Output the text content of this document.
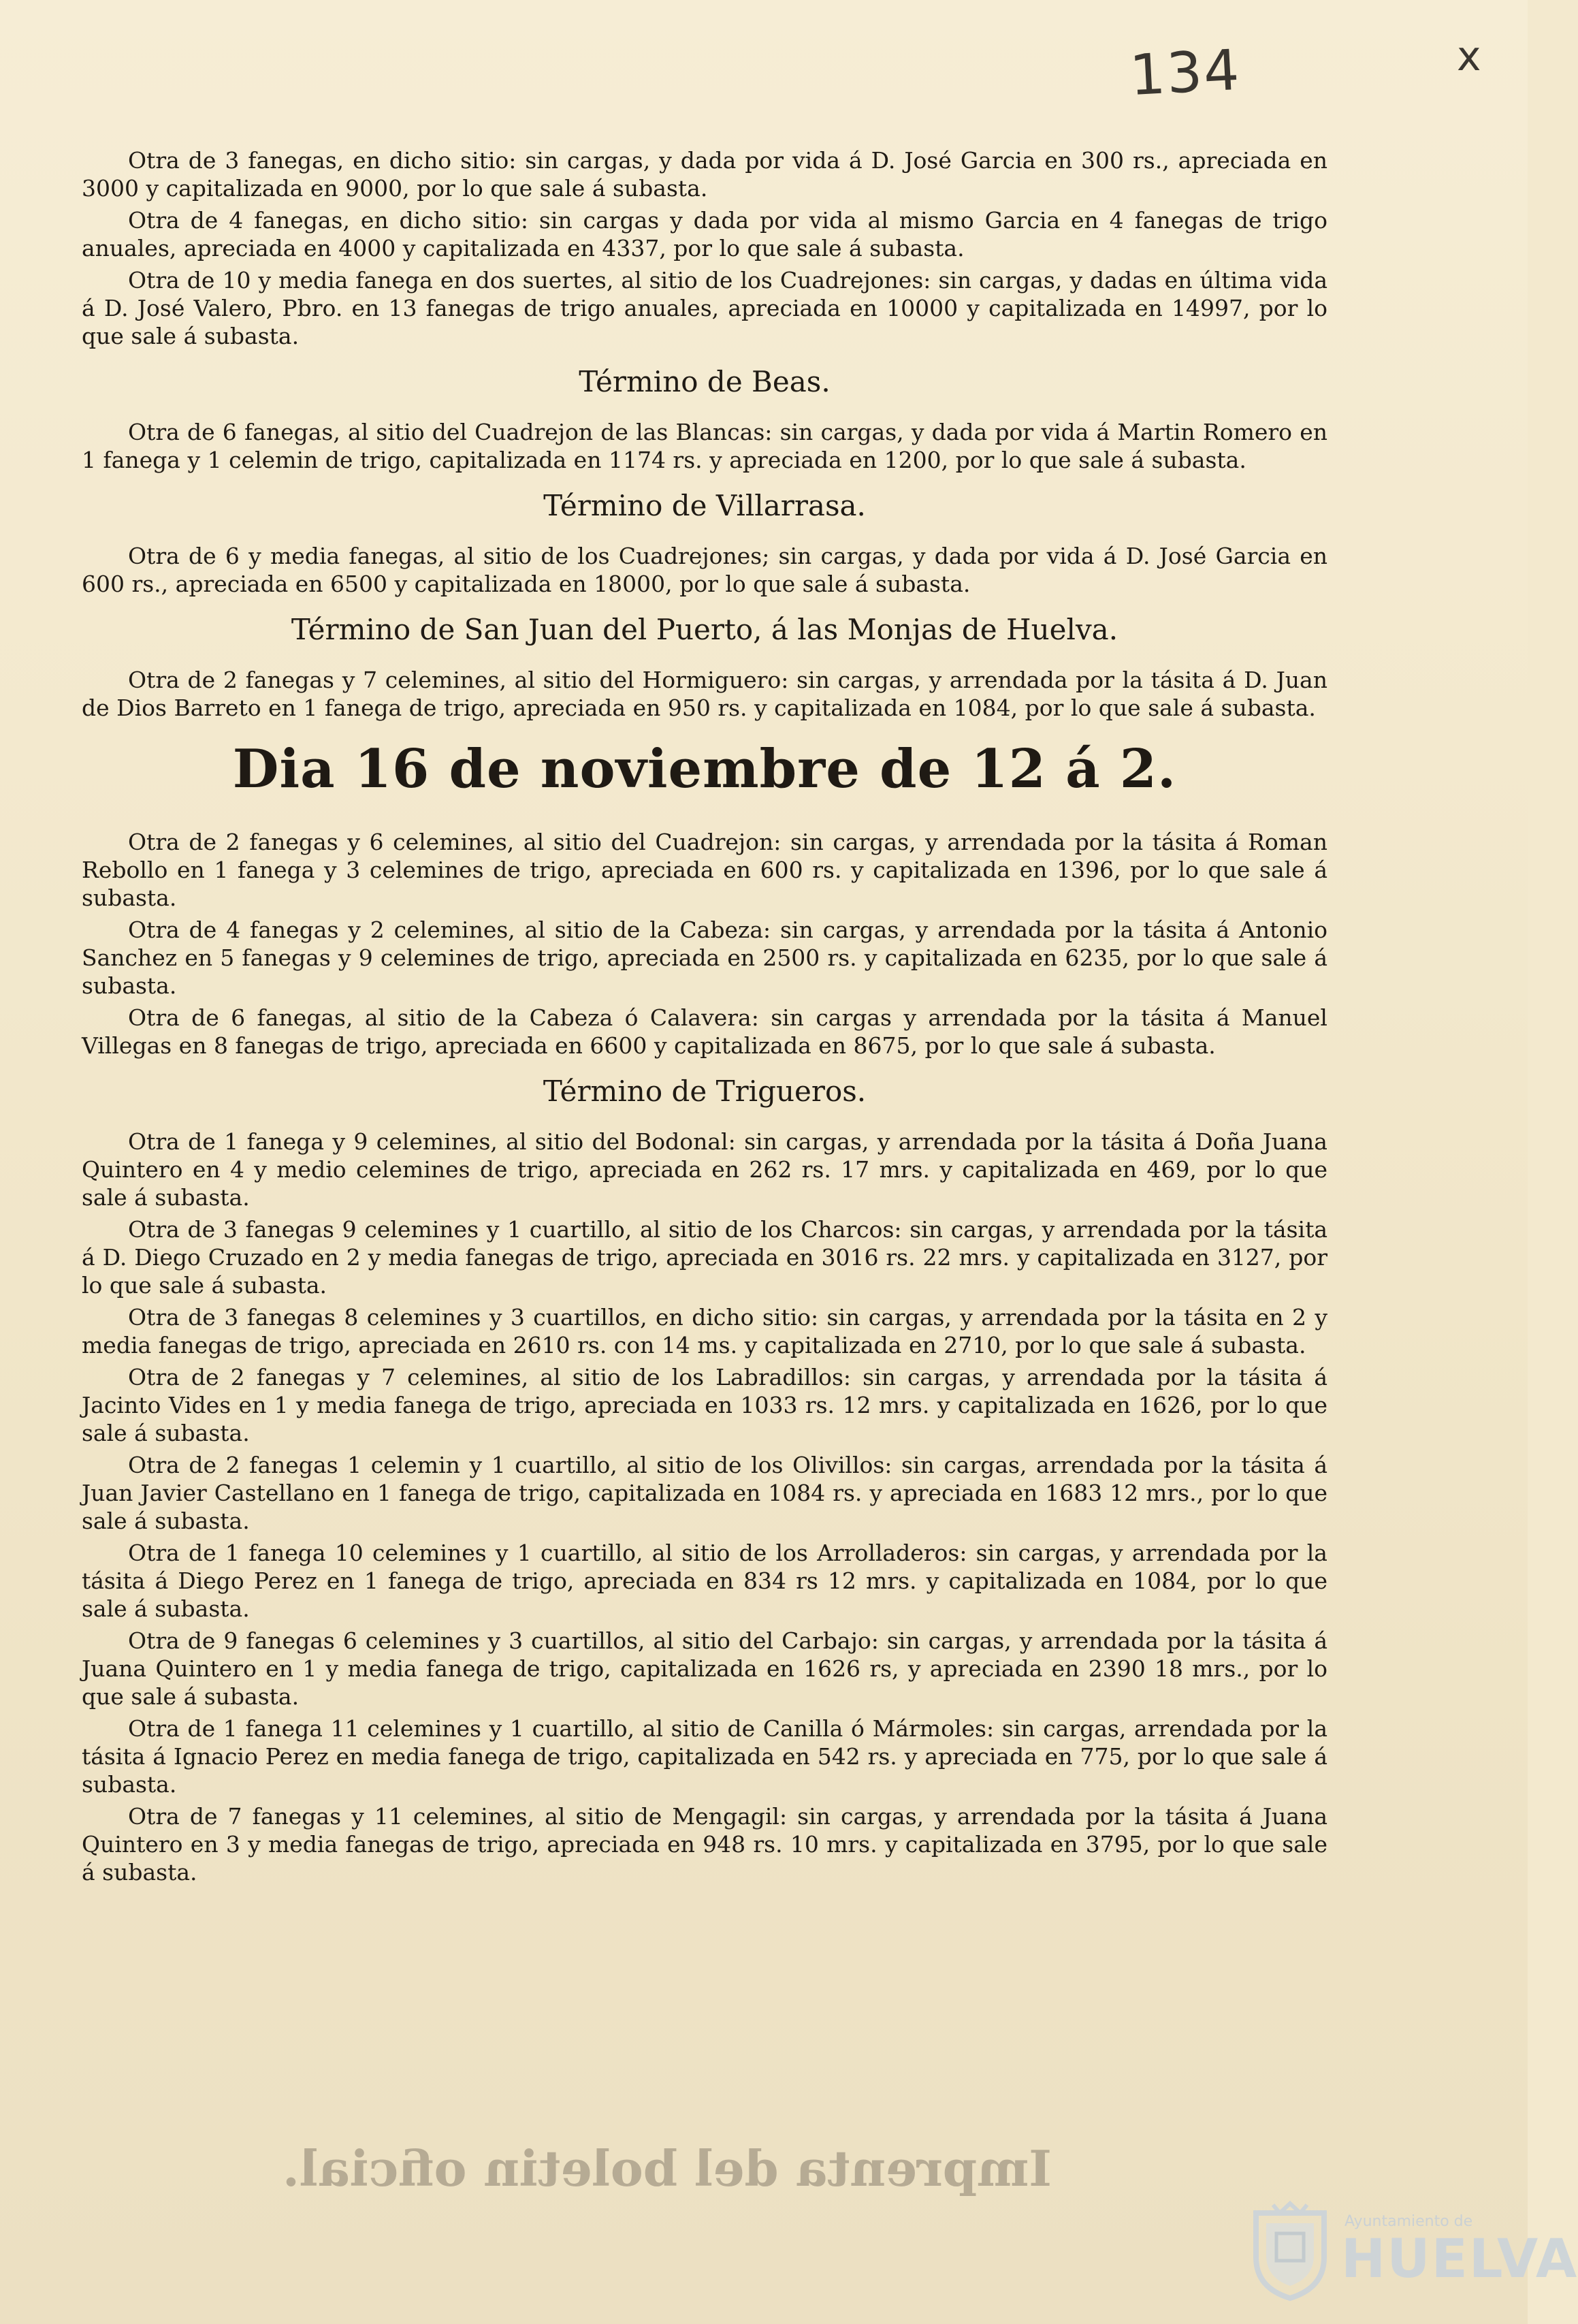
134	x

Otra de 3 fanegas, en dicho sitio: sin cargas, y dada por vida á D. José Garcia en 300 rs., apreciada en 3000 y capitalizada en 9000, por lo que sale á subasta.

Otra de 4 fanegas, en dicho sitio: sin cargas y dada por vida al mismo Garcia en 4 fanegas de trigo anuales, apreciada en 4000 y capitalizada en 4337, por lo que sale á subasta.

Otra de 10 y media fanega en dos suertes, al sitio de los Cuadrejones: sin cargas, y dadas en última vida á D. José Valero, Pbro. en 13 fanegas de trigo anuales, apreciada en 10000 y capitalizada en 14997, por lo que sale á subasta.

Término de Beas.

Otra de 6 fanegas, al sitio del Cuadrejon de las Blancas: sin cargas, y dada por vida á Martin Romero en 1 fanega y 1 celemin de trigo, capitalizada en 1174 rs. y apreciada en 1200, por lo que sale á subasta.

Término de Villarrasa.

Otra de 6 y media fanegas, al sitio de los Cuadrejones; sin cargas, y dada por vida á D. José Garcia en 600 rs., apreciada en 6500 y capitalizada en 18000, por lo que sale á subasta.

Término de San Juan del Puerto, á las Monjas de Huelva.

Otra de 2 fanegas y 7 celemines, al sitio del Hormiguero: sin cargas, y arrendada por la tásita á D. Juan de Dios Barreto en 1 fanega de trigo, apreciada en 950 rs. y capitalizada en 1084, por lo que sale á subasta.

Dia 16 de noviembre de 12 á 2.

Otra de 2 fanegas y 6 celemines, al sitio del Cuadrejon: sin cargas, y arrendada por la tásita á Roman Rebollo en 1 fanega y 3 celemines de trigo, apreciada en 600 rs. y capitalizada en 1396, por lo que sale á subasta.

Otra de 4 fanegas y 2 celemines, al sitio de la Cabeza: sin cargas, y arrendada por la tásita á Antonio Sanchez en 5 fanegas y 9 celemines de trigo, apreciada en 2500 rs. y capitalizada en 6235, por lo que sale á subasta.

Otra de 6 fanegas, al sitio de la Cabeza ó Calavera: sin cargas y arrendada por la tásita á Manuel Villegas en 8 fanegas de trigo, apreciada en 6600 y capitalizada en 8675, por lo que sale á subasta.

Término de Trigueros.

Otra de 1 fanega y 9 celemines, al sitio del Bodonal: sin cargas, y arrendada por la tásita á Doña Juana Quintero en 4 y medio celemines de trigo, apreciada en 262 rs. 17 mrs. y capitalizada en 469, por lo que sale á subasta.

Otra de 3 fanegas 9 celemines y 1 cuartillo, al sitio de los Charcos: sin cargas, y arrendada por la tásita á D. Diego Cruzado en 2 y media fanegas de trigo, apreciada en 3016 rs. 22 mrs. y capitalizada en 3127, por lo que sale á subasta.

Otra de 3 fanegas 8 celemines y 3 cuartillos, en dicho sitio: sin cargas, y arrendada por la tásita en 2 y media fanegas de trigo, apreciada en 2610 rs. con 14 ms. y capitalizada en 2710, por lo que sale á subasta.

Otra de 2 fanegas y 7 celemines, al sitio de los Labradillos: sin cargas, y arrendada por la tásita á Jacinto Vides en 1 y media fanega de trigo, apreciada en 1033 rs. 12 mrs. y capitalizada en 1626, por lo que sale á subasta.

Otra de 2 fanegas 1 celemin y 1 cuartillo, al sitio de los Olivillos: sin cargas, arrendada por la tásita á Juan Javier Castellano en 1 fanega de trigo, capitalizada en 1084 rs. y apreciada en 1683 12 mrs., por lo que sale á subasta.

Otra de 1 fanega 10 celemines y 1 cuartillo, al sitio de los Arrolladeros: sin cargas, y arrendada por la tásita á Diego Perez en 1 fanega de trigo, apreciada en 834 rs 12 mrs. y capitalizada en 1084, por lo que sale á subasta.

Otra de 9 fanegas 6 celemines y 3 cuartillos, al sitio del Carbajo: sin cargas, y arrendada por la tásita á Juana Quintero en 1 y media fanega de trigo, capitalizada en 1626 rs, y apreciada en 2390 18 mrs., por lo que sale á subasta.

Otra de 1 fanega 11 celemines y 1 cuartillo, al sitio de Canilla ó Mármoles: sin cargas, arrendada por la tásita á Ignacio Perez en media fanega de trigo, capitalizada en 542 rs. y apreciada en 775, por lo que sale á subasta.

Otra de 7 fanegas y 11 celemines, al sitio de Mengagil: sin cargas, y arrendada por la tásita á Juana Quintero en 3 y media fanegas de trigo, apreciada en 948 rs. 10 mrs. y capitalizada en 3795, por lo que sale á subasta.

Imprenta del boletin oficial.
Ayuntamiento de
HUELVA
